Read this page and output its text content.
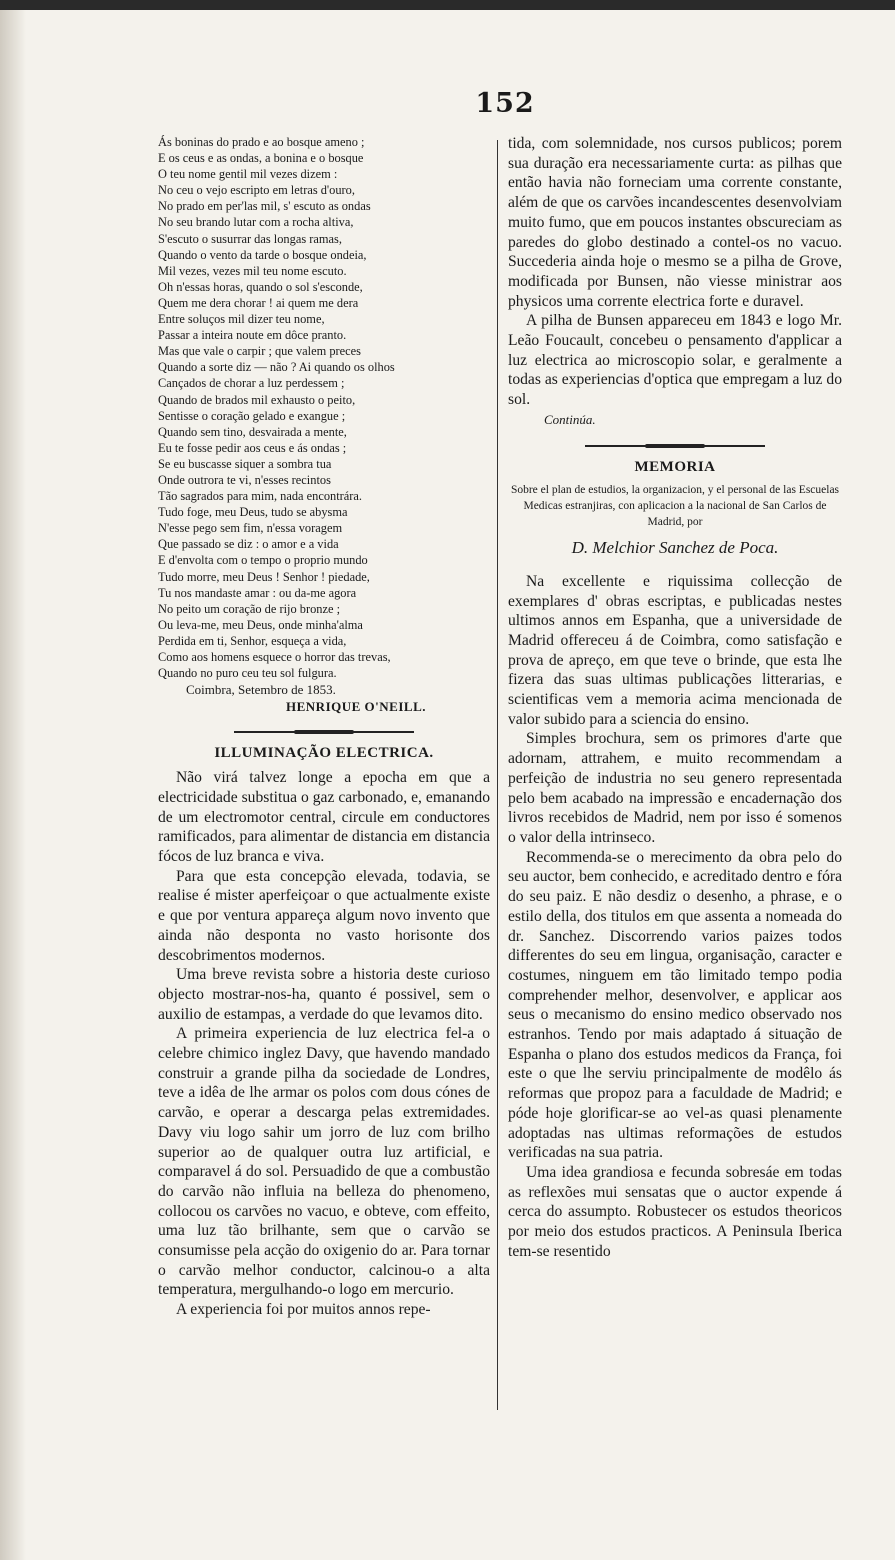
152
Ás boninas do prado e ao bosque ameno ;
E os ceus e as ondas, a bonina e o bosque
O teu nome gentil mil vezes dizem :
No ceu o vejo escripto em letras d'ouro,
No prado em per'las mil, s' escuto as ondas
No seu brando lutar com a rocha altiva,
S'escuto o susurrar das longas ramas,
Quando o vento da tarde o bosque ondeia,
Mil vezes, vezes mil teu nome escuto.
Oh n'essas horas, quando o sol s'esconde,
Quem me dera chorar ! ai quem me dera
Entre soluços mil dizer teu nome,
Passar a inteira noute em dôce pranto.
Mas que vale o carpir ; que valem preces
Quando a sorte diz — não ? Ai quando os olhos
Cançados de chorar a luz perdessem ;
Quando de brados mil exhausto o peito,
Sentisse o coração gelado e exangue ;
Quando sem tino, desvairada a mente,
Eu te fosse pedir aos ceus e ás ondas ;
Se eu buscasse siquer a sombra tua
Onde outrora te vi, n'esses recintos
Tão sagrados para mim, nada encontrára.
Tudo foge, meu Deus, tudo se abysma
N'esse pego sem fim, n'essa voragem
Que passado se diz : o amor e a vida
E d'envolta com o tempo o proprio mundo
Tudo morre, meu Deus ! Senhor ! piedade,
Tu nos mandaste amar : ou da-me agora
No peito um coração de rijo bronze ;
Ou leva-me, meu Deus, onde minha'alma
Perdida em ti, Senhor, esqueça a vida,
Como aos homens esquece o horror das trevas,
Quando no puro ceu teu sol fulgura.
Coimbra, Setembro de 1853.
HENRIQUE O'NEILL.
ILLUMINAÇÃO ELECTRICA.

Não virá talvez longe a epocha em que a electricidade substitua o gaz carbonado, e, emanando de um electromotor central, circule em conductores ramificados, para alimentar de distancia em distancia fócos de luz branca e viva.

Para que esta concepção elevada, todavia, se realise é mister aperfeiçoar o que actualmente existe e que por ventura appareça algum novo invento que ainda não desponta no vasto horisonte dos descobrimentos modernos.

Uma breve revista sobre a historia deste curioso objecto mostrar-nos-ha, quanto é possivel, sem o auxilio de estampas, a verdade do que levamos dito.

A primeira experiencia de luz electrica fel-a o celebre chimico inglez Davy, que havendo mandado construir a grande pilha da sociedade de Londres, teve a idêa de lhe armar os polos com dous cónes de carvão, e operar a descarga pelas extremidades. Davy viu logo sahir um jorro de luz com brilho superior ao de qualquer outra luz artificial, e comparavel á do sol. Persuadido de que a combustão do carvão não influia na belleza do phenomeno, collocou os carvões no vacuo, e obteve, com effeito, uma luz tão brilhante, sem que o carvão se consumisse pela acção do oxigenio do ar. Para tornar o carvão melhor conductor, calcinou-o a alta temperatura, mergulhando-o logo em mercurio.

A experiencia foi por muitos annos repe-

tida, com solemnidade, nos cursos publicos; porem sua duração era necessariamente curta: as pilhas que então havia não forneciam uma corrente constante, além de que os carvões incandescentes desenvolviam muito fumo, que em poucos instantes obscureciam as paredes do globo destinado a contel-os no vacuo. Succederia ainda hoje o mesmo se a pilha de Grove, modificada por Bunsen, não viesse ministrar aos physicos uma corrente electrica forte e duravel.

A pilha de Bunsen appareceu em 1843 e logo Mr. Leão Foucault, concebeu o pensamento d'applicar a luz electrica ao microscopio solar, e geralmente a todas as experiencias d'optica que empregam a luz do sol.

Continúa.
MEMORIA
Sobre el plan de estudios, la organizacion, y el personal de las Escuelas Medicas estranjiras, con aplicacion a la nacional de San Carlos de Madrid, por
D. Melchior Sanchez de Poca.

Na excellente e riquissima collecção de exemplares d' obras escriptas, e publicadas nestes ultimos annos em Espanha, que a universidade de Madrid offereceu á de Coimbra, como satisfação e prova de apreço, em que teve o brinde, que esta lhe fizera das suas ultimas publicações litterarias, e scientificas vem a memoria acima mencionada de valor subido para a sciencia do ensino.

Simples brochura, sem os primores d'arte que adornam, attrahem, e muito recommendam a perfeição de industria no seu genero representada pelo bem acabado na impressão e encadernação dos livros recebidos de Madrid, nem por isso é somenos o valor della intrinseco.

Recommenda-se o merecimento da obra pelo do seu auctor, bem conhecido, e acreditado dentro e fóra do seu paiz. E não desdiz o desenho, a phrase, e o estilo della, dos titulos em que assenta a nomeada do dr. Sanchez. Discorrendo varios paizes todos differentes do seu em lingua, organisação, caracter e costumes, ninguem em tão limitado tempo podia comprehender melhor, desenvolver, e applicar aos seus o mecanismo do ensino medico observado nos estranhos. Tendo por mais adaptado á situação de Espanha o plano dos estudos medicos da França, foi este o que lhe serviu principalmente de modêlo ás reformas que propoz para a faculdade de Madrid; e póde hoje glorificar-se ao vel-as quasi plenamente adoptadas nas ultimas reformações de estudos verificadas na sua patria.

Uma idea grandiosa e fecunda sobresáe em todas as reflexões mui sensatas que o auctor expende á cerca do assumpto. Robustecer os estudos theoricos por meio dos estudos practicos. A Peninsula Iberica tem-se resentido
